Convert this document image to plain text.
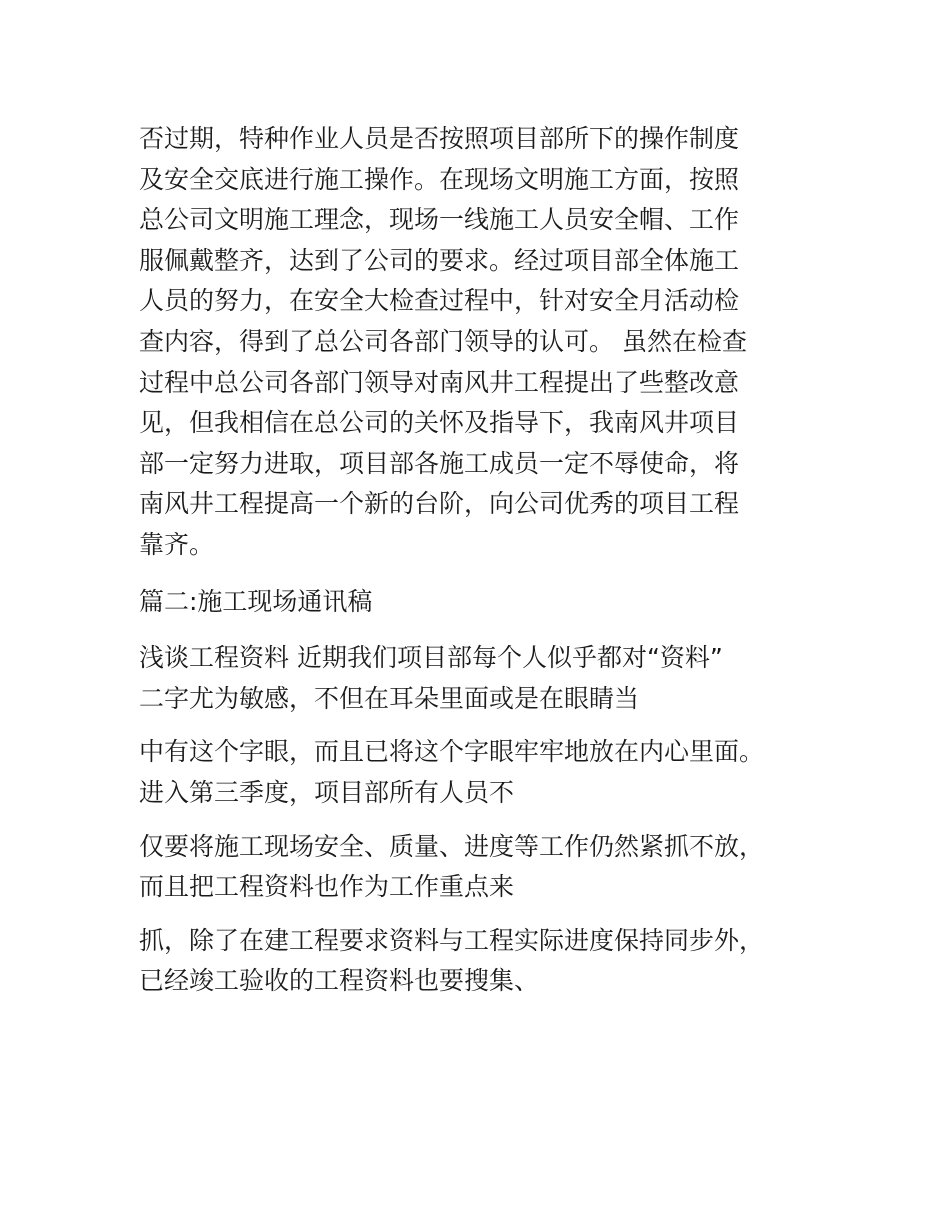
否过期，特种作业人员是否按照项目部所下的操作制度
及安全交底进行施工操作。在现场文明施工方面，按照
总公司文明施工理念，现场一线施工人员安全帽、工作
服佩戴整齐，达到了公司的要求。经过项目部全体施工
人员的努力，在安全大检查过程中，针对安全月活动检
查内容，得到了总公司各部门领导的认可。 虽然在检查
过程中总公司各部门领导对南风井工程提出了些整改意
见，但我相信在总公司的关怀及指导下，我南风井项目
部一定努力进取，项目部各施工成员一定不辱使命，将
南风井工程提高一个新的台阶，向公司优秀的项目工程
靠齐。

篇二:施工现场通讯稿

浅谈工程资料 近期我们项目部每个人似乎都对“资料”
二字尤为敏感，不但在耳朵里面或是在眼睛当

中有这个字眼，而且已将这个字眼牢牢地放在内心里面。
进入第三季度，项目部所有人员不

仅要将施工现场安全、质量、进度等工作仍然紧抓不放，
而且把工程资料也作为工作重点来

抓，除了在建工程要求资料与工程实际进度保持同步外，
已经竣工验收的工程资料也要搜集、
